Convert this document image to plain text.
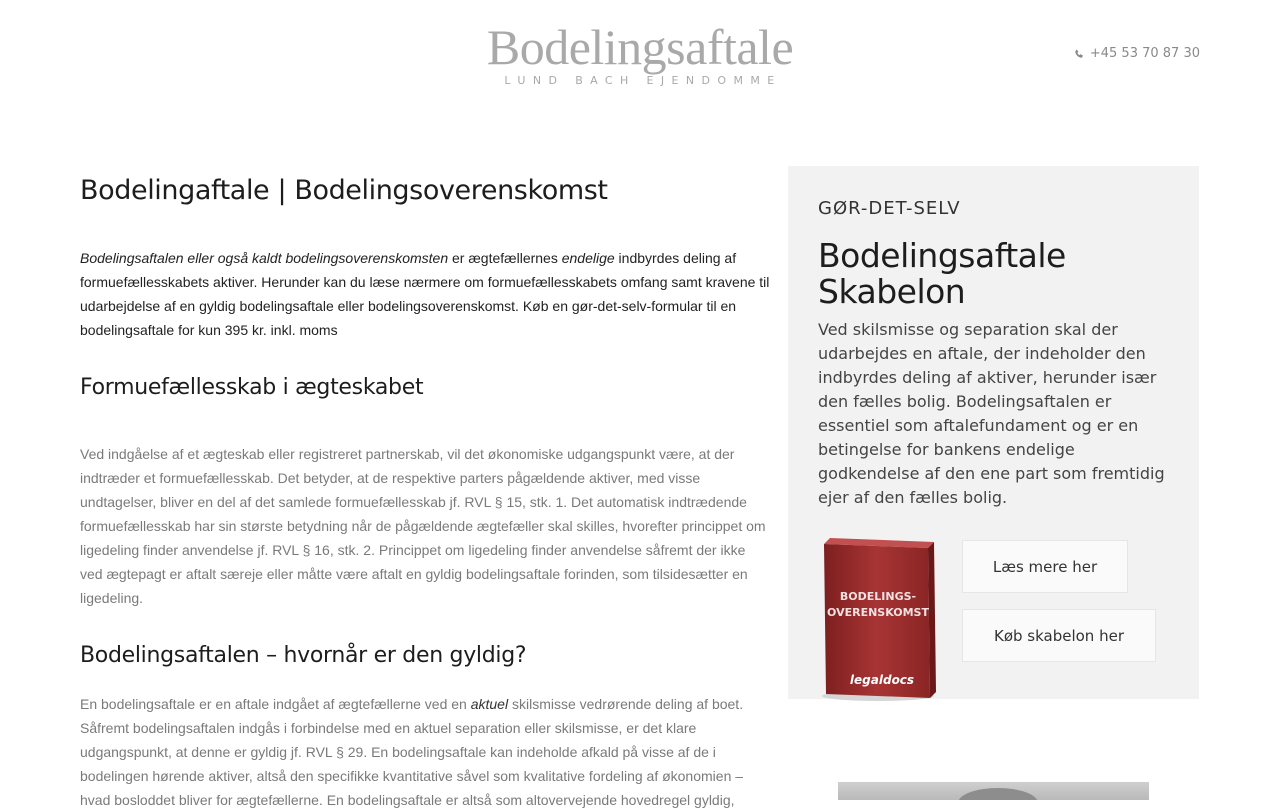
Bodelingsaftale
LUND BACH EJENDOMME
+45 53 70 87 30
Bodelingaftale | Bodelingsoverenskomst

Bodelingsaftalen eller også kaldt bodelingsoverenskomsten er ægtefællernes endelige indbyrdes deling af formuefællesskabets aktiver. Herunder kan du læse nærmere om formuefællesskabets omfang samt kravene til udarbejdelse af en gyldig bodelingsaftale eller bodelingsoverenskomst. Køb en gør-det-selv-formular til en bodelingsaftale for kun 395 kr. inkl. moms

Formuefællesskab i ægteskabet

Ved indgåelse af et ægteskab eller registreret partnerskab, vil det økonomiske udgangspunkt være, at der indtræder et formuefællesskab. Det betyder, at de respektive parters pågældende aktiver, med visse undtagelser, bliver en del af det samlede formuefællesskab jf. RVL § 15, stk. 1. Det automatisk indtrædende formuefællesskab har sin største betydning når de pågældende ægtefæller skal skilles, hvorefter princippet om ligedeling finder anvendelse jf. RVL § 16, stk. 2. Princippet om ligedeling finder anvendelse såfremt der ikke ved ægtepagt er aftalt særeje eller måtte være aftalt en gyldig bodelingsaftale forinden, som tilsidesætter en ligedeling.

Bodelingsaftalen – hvornår er den gyldig?

En bodelingsaftale er en aftale indgået af ægtefællerne ved en aktuel skilsmisse vedrørende deling af boet. Såfremt bodelingsaftalen indgås i forbindelse med en aktuel separation eller skilsmisse, er det klare udgangspunkt, at denne er gyldig jf. RVL § 29. En bodelingsaftale kan indeholde afkald på visse af de i bodelingen hørende aktiver, altså den specifikke kvantitative såvel som kvalitative fordeling af økonomien – hvad bosloddet bliver for ægtefællerne. En bodelingsaftale er altså som altovervejende hovedregel gyldig,

GØR-DET-SELV
Bodelingsaftale
Skabelon
Ved skilsmisse og separation skal der udarbejdes en aftale, der indeholder den indbyrdes deling af aktiver, herunder især den fælles bolig. Bodelingsaftalen er essentiel som aftalefundament og er en betingelse for bankens endelige godkendelse af den ene part som fremtidig ejer af den fælles bolig.
BODELINGS-
OVERENSKOMST
legaldocs
Læs mere her
Køb skabelon her
